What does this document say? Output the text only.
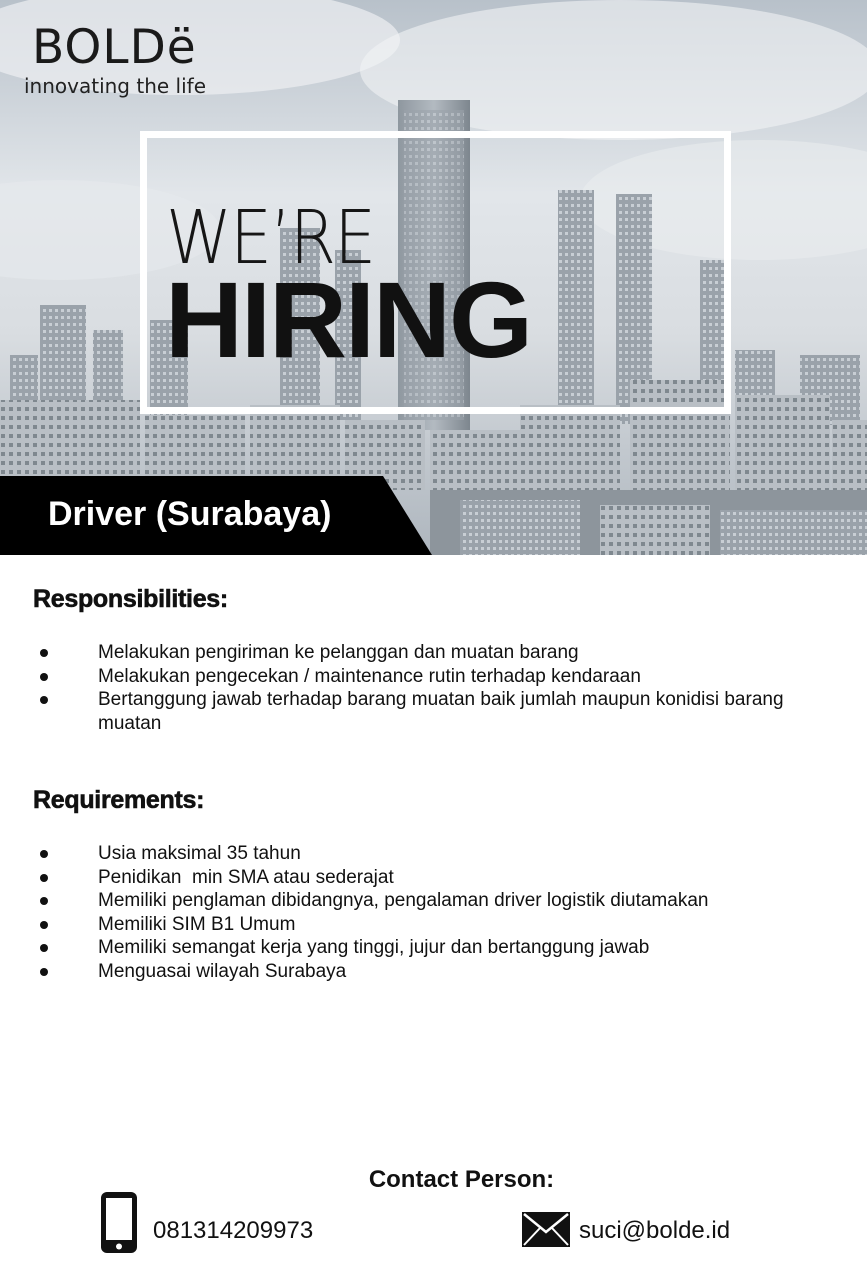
BOLDë
innovating the life
WE’RE
HIRING
Driver (Surabaya)
Responsibilities:
Melakukan pengiriman ke pelanggan dan muatan barang
Melakukan pengecekan / maintenance rutin terhadap kendaraan
Bertanggung jawab terhadap barang muatan baik jumlah maupun konidisi barang muatan
Requirements:
Usia maksimal 35 tahun
Penidikan  min SMA atau sederajat
Memiliki penglaman dibidangnya, pengalaman driver logistik diutamakan
Memiliki SIM B1 Umum
Memiliki semangat kerja yang tinggi, jujur dan bertanggung jawab
Menguasai wilayah Surabaya
Contact Person:
081314209973	suci@bolde.id
